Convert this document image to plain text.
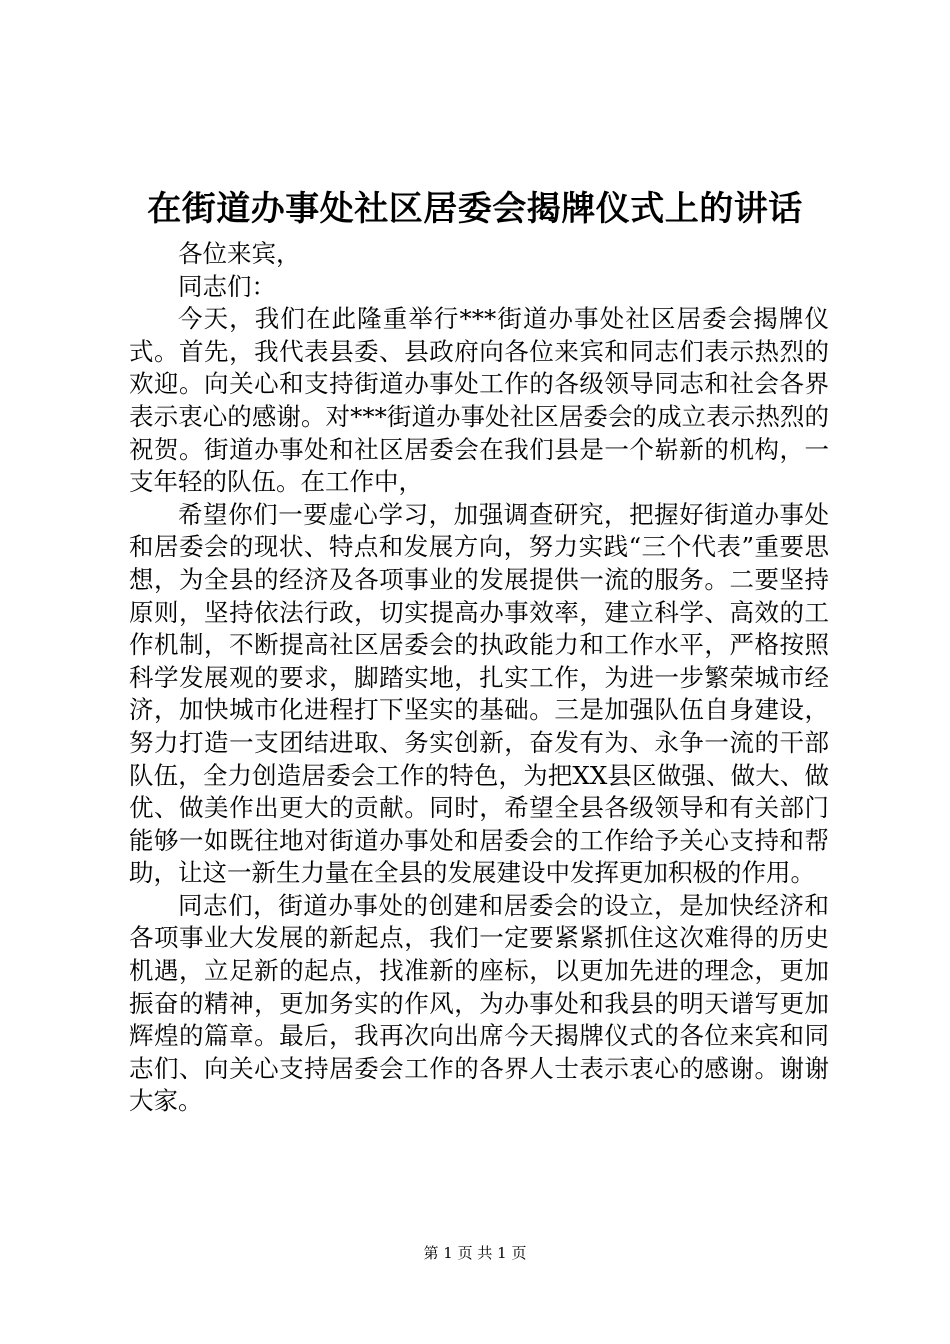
在街道办事处社区居委会揭牌仪式上的讲话

各位来宾，

同志们：

今天，我们在此隆重举行***街道办事处社区居委会揭牌仪式。首先，我代表县委、县政府向各位来宾和同志们表示热烈的欢迎。向关心和支持街道办事处工作的各级领导同志和社会各界表示衷心的感谢。对***街道办事处社区居委会的成立表示热烈的祝贺。街道办事处和社区居委会在我们县是一个崭新的机构，一支年轻的队伍。在工作中，

希望你们一要虚心学习，加强调查研究，把握好街道办事处和居委会的现状、特点和发展方向，努力实践“三个代表”重要思想，为全县的经济及各项事业的发展提供一流的服务。二要坚持原则，坚持依法行政，切实提高办事效率，建立科学、高效的工作机制，不断提高社区居委会的执政能力和工作水平，严格按照科学发展观的要求，脚踏实地，扎实工作，为进一步繁荣城市经济，加快城市化进程打下坚实的基础。三是加强队伍自身建设，努力打造一支团结进取、务实创新，奋发有为、永争一流的干部队伍，全力创造居委会工作的特色，为把XX县区做强、做大、做优、做美作出更大的贡献。同时，希望全县各级领导和有关部门能够一如既往地对街道办事处和居委会的工作给予关心支持和帮助，让这一新生力量在全县的发展建设中发挥更加积极的作用。

同志们，街道办事处的创建和居委会的设立，是加快经济和各项事业大发展的新起点，我们一定要紧紧抓住这次难得的历史机遇，立足新的起点，找准新的座标，以更加先进的理念，更加振奋的精神，更加务实的作风，为办事处和我县的明天谱写更加辉煌的篇章。最后，我再次向出席今天揭牌仪式的各位来宾和同志们、向关心支持居委会工作的各界人士表示衷心的感谢。谢谢大家。

第 1 页 共 1 页
